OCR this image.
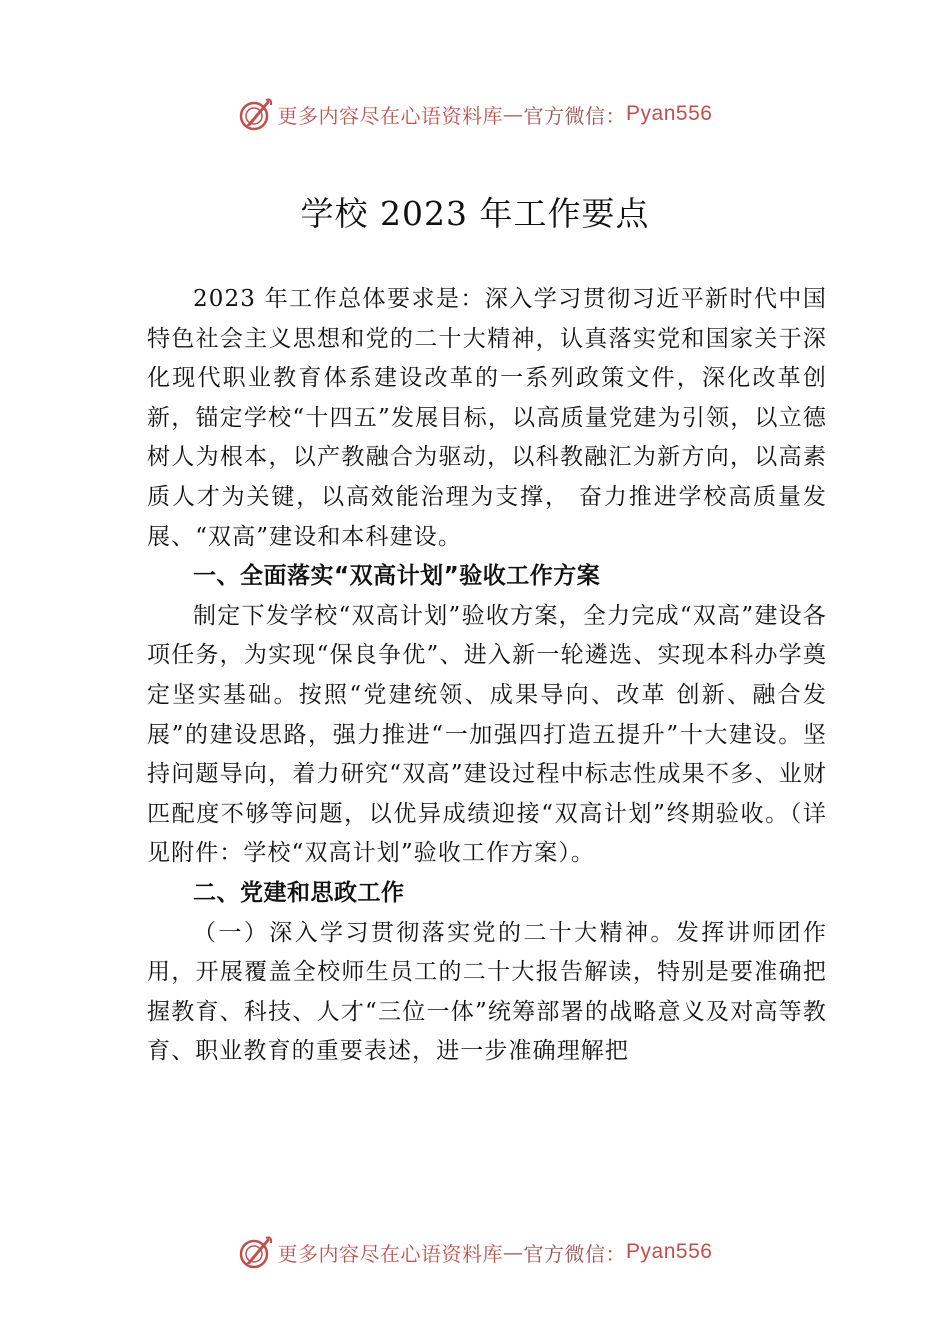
更多内容尽在心语资料库 — 官方微信： Pyan556
学校 2023 年工作要点

2023 年工作总体要求是：深入学习贯彻习近平新时代中国特色社会主义思想和党的二十大精神，认真落实党和国家关于深化现代职业教育体系建设改革的一系列政策文件，深化改革创新，锚定学校“十四五”发展目标，以高质量党建为引领，以立德树人为根本，以产教融合为驱动，以科教融汇为新方向，以高素质人才为关键，以高效能治理为支撑， 奋力推进学校高质量发展、“双高”建设和本科建设。

一、全面落实“双高计划”验收工作方案

制定下发学校“双高计划”验收方案，全力完成“双高”建设各项任务，为实现“保良争优”、进入新一轮遴选、实现本科办学奠定坚实基础。按照“党建统领、成果导向、改革 创新、融合发展”的建设思路，强力推进“一加强四打造五提升”十大建设。坚持问题导向，着力研究“双高”建设过程中标志性成果不多、业财匹配度不够等问题，以优异成绩迎接“双高计划”终期验收。（详见附件：学校“双高计划”验收工作方案）。

二、党建和思政工作

（一）深入学习贯彻落实党的二十大精神。发挥讲师团作用，开展覆盖全校师生员工的二十大报告解读，特别是要准确把握教育、科技、人才“三位一体”统筹部署的战略意义及对高等教育、职业教育的重要表述，进一步准确理解把

更多内容尽在心语资料库 — 官方微信： Pyan556
